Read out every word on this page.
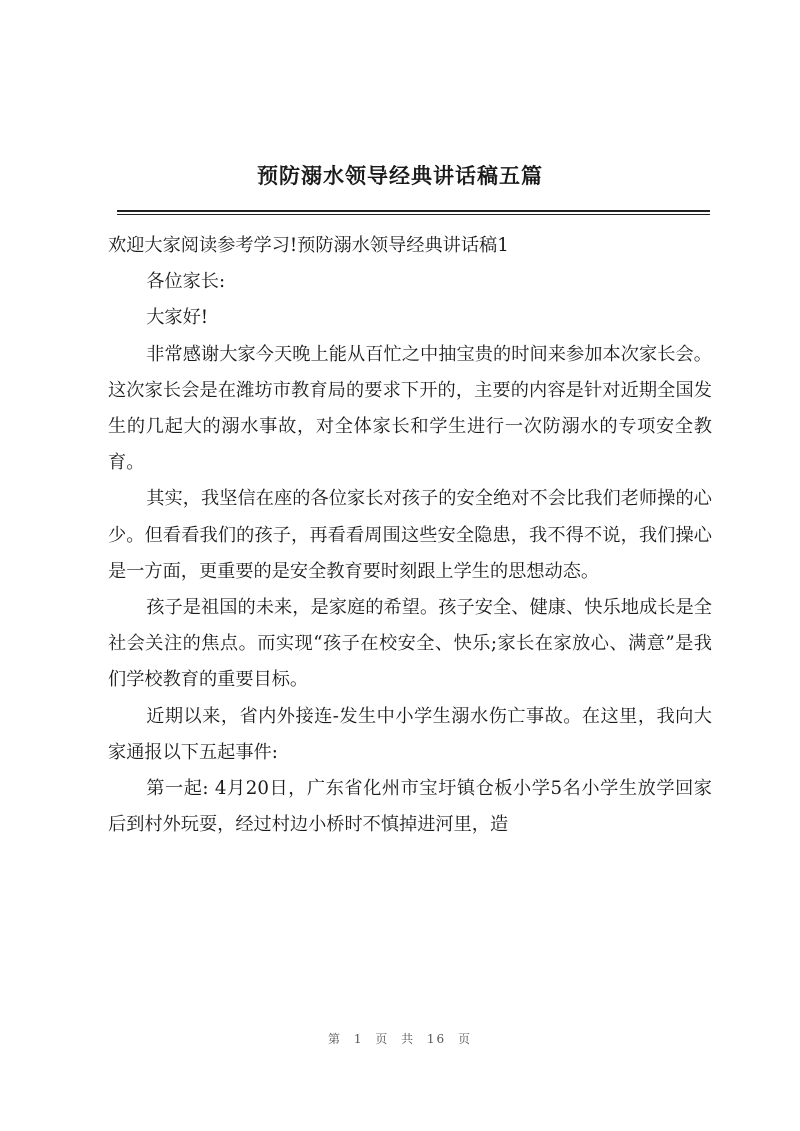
预防溺水领导经典讲话稿五篇

欢迎大家阅读参考学习!预防溺水领导经典讲话稿1

各位家长:

大家好!

非常感谢大家今天晚上能从百忙之中抽宝贵的时间来参加本次家长会。这次家长会是在潍坊市教育局的要求下开的，主要的内容是针对近期全国发生的几起大的溺水事故，对全体家长和学生进行一次防溺水的专项安全教育。

其实，我坚信在座的各位家长对孩子的安全绝对不会比我们老师操的心少。但看看我们的孩子，再看看周围这些安全隐患，我不得不说，我们操心是一方面，更重要的是安全教育要时刻跟上学生的思想动态。

孩子是祖国的未来，是家庭的希望。孩子安全、健康、快乐地成长是全社会关注的焦点。而实现“孩子在校安全、快乐;家长在家放心、满意”是我们学校教育的重要目标。

近期以来，省内外接连-发生中小学生溺水伤亡事故。在这里，我向大家通报以下五起事件:

第一起: 4月20日，广东省化州市宝圩镇仓板小学5名小学生放学回家后到村外玩耍，经过村边小桥时不慎掉进河里，造

第 1 页 共 16 页
